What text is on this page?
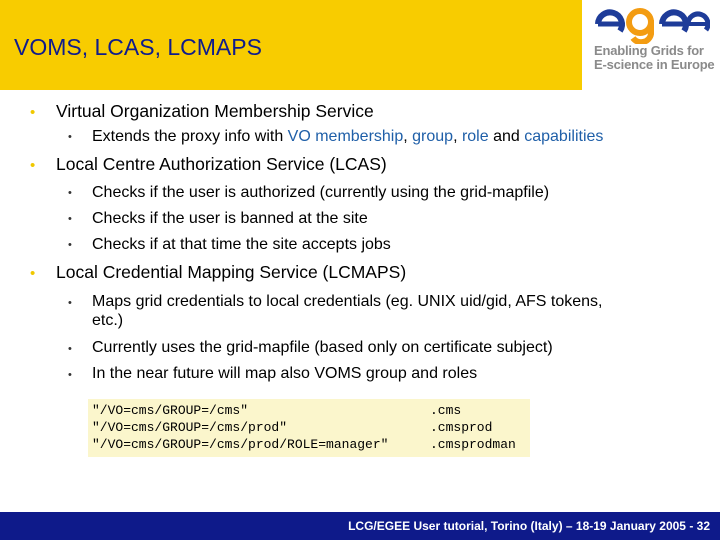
VOMS, LCAS, LCMAPS	Enabling Grids for
E-science in Europe
• Virtual Organization Membership Service
• Extends the proxy info with VO membership, group, role and capabilities
• Local Centre Authorization Service (LCAS)
• Checks if the user is authorized (currently using the grid-mapfile)
• Checks if the user is banned at the site
• Checks if at that time the site accepts jobs
• Local Credential Mapping Service (LCMAPS)
• Maps grid credentials to local credentials (eg. UNIX uid/gid, AFS tokens,
etc.)
• Currently uses the grid-mapfile (based only on certificate subject)
• In the near future will map also VOMS group and roles
"/VO=cms/GROUP=/cms"
"/VO=cms/GROUP=/cms/prod"
"/VO=cms/GROUP=/cms/prod/ROLE=manager"
.cms
.cmsprod
.cmsprodman
LCG/EGEE User tutorial, Torino (Italy) – 18-19 January 2005 - 32
